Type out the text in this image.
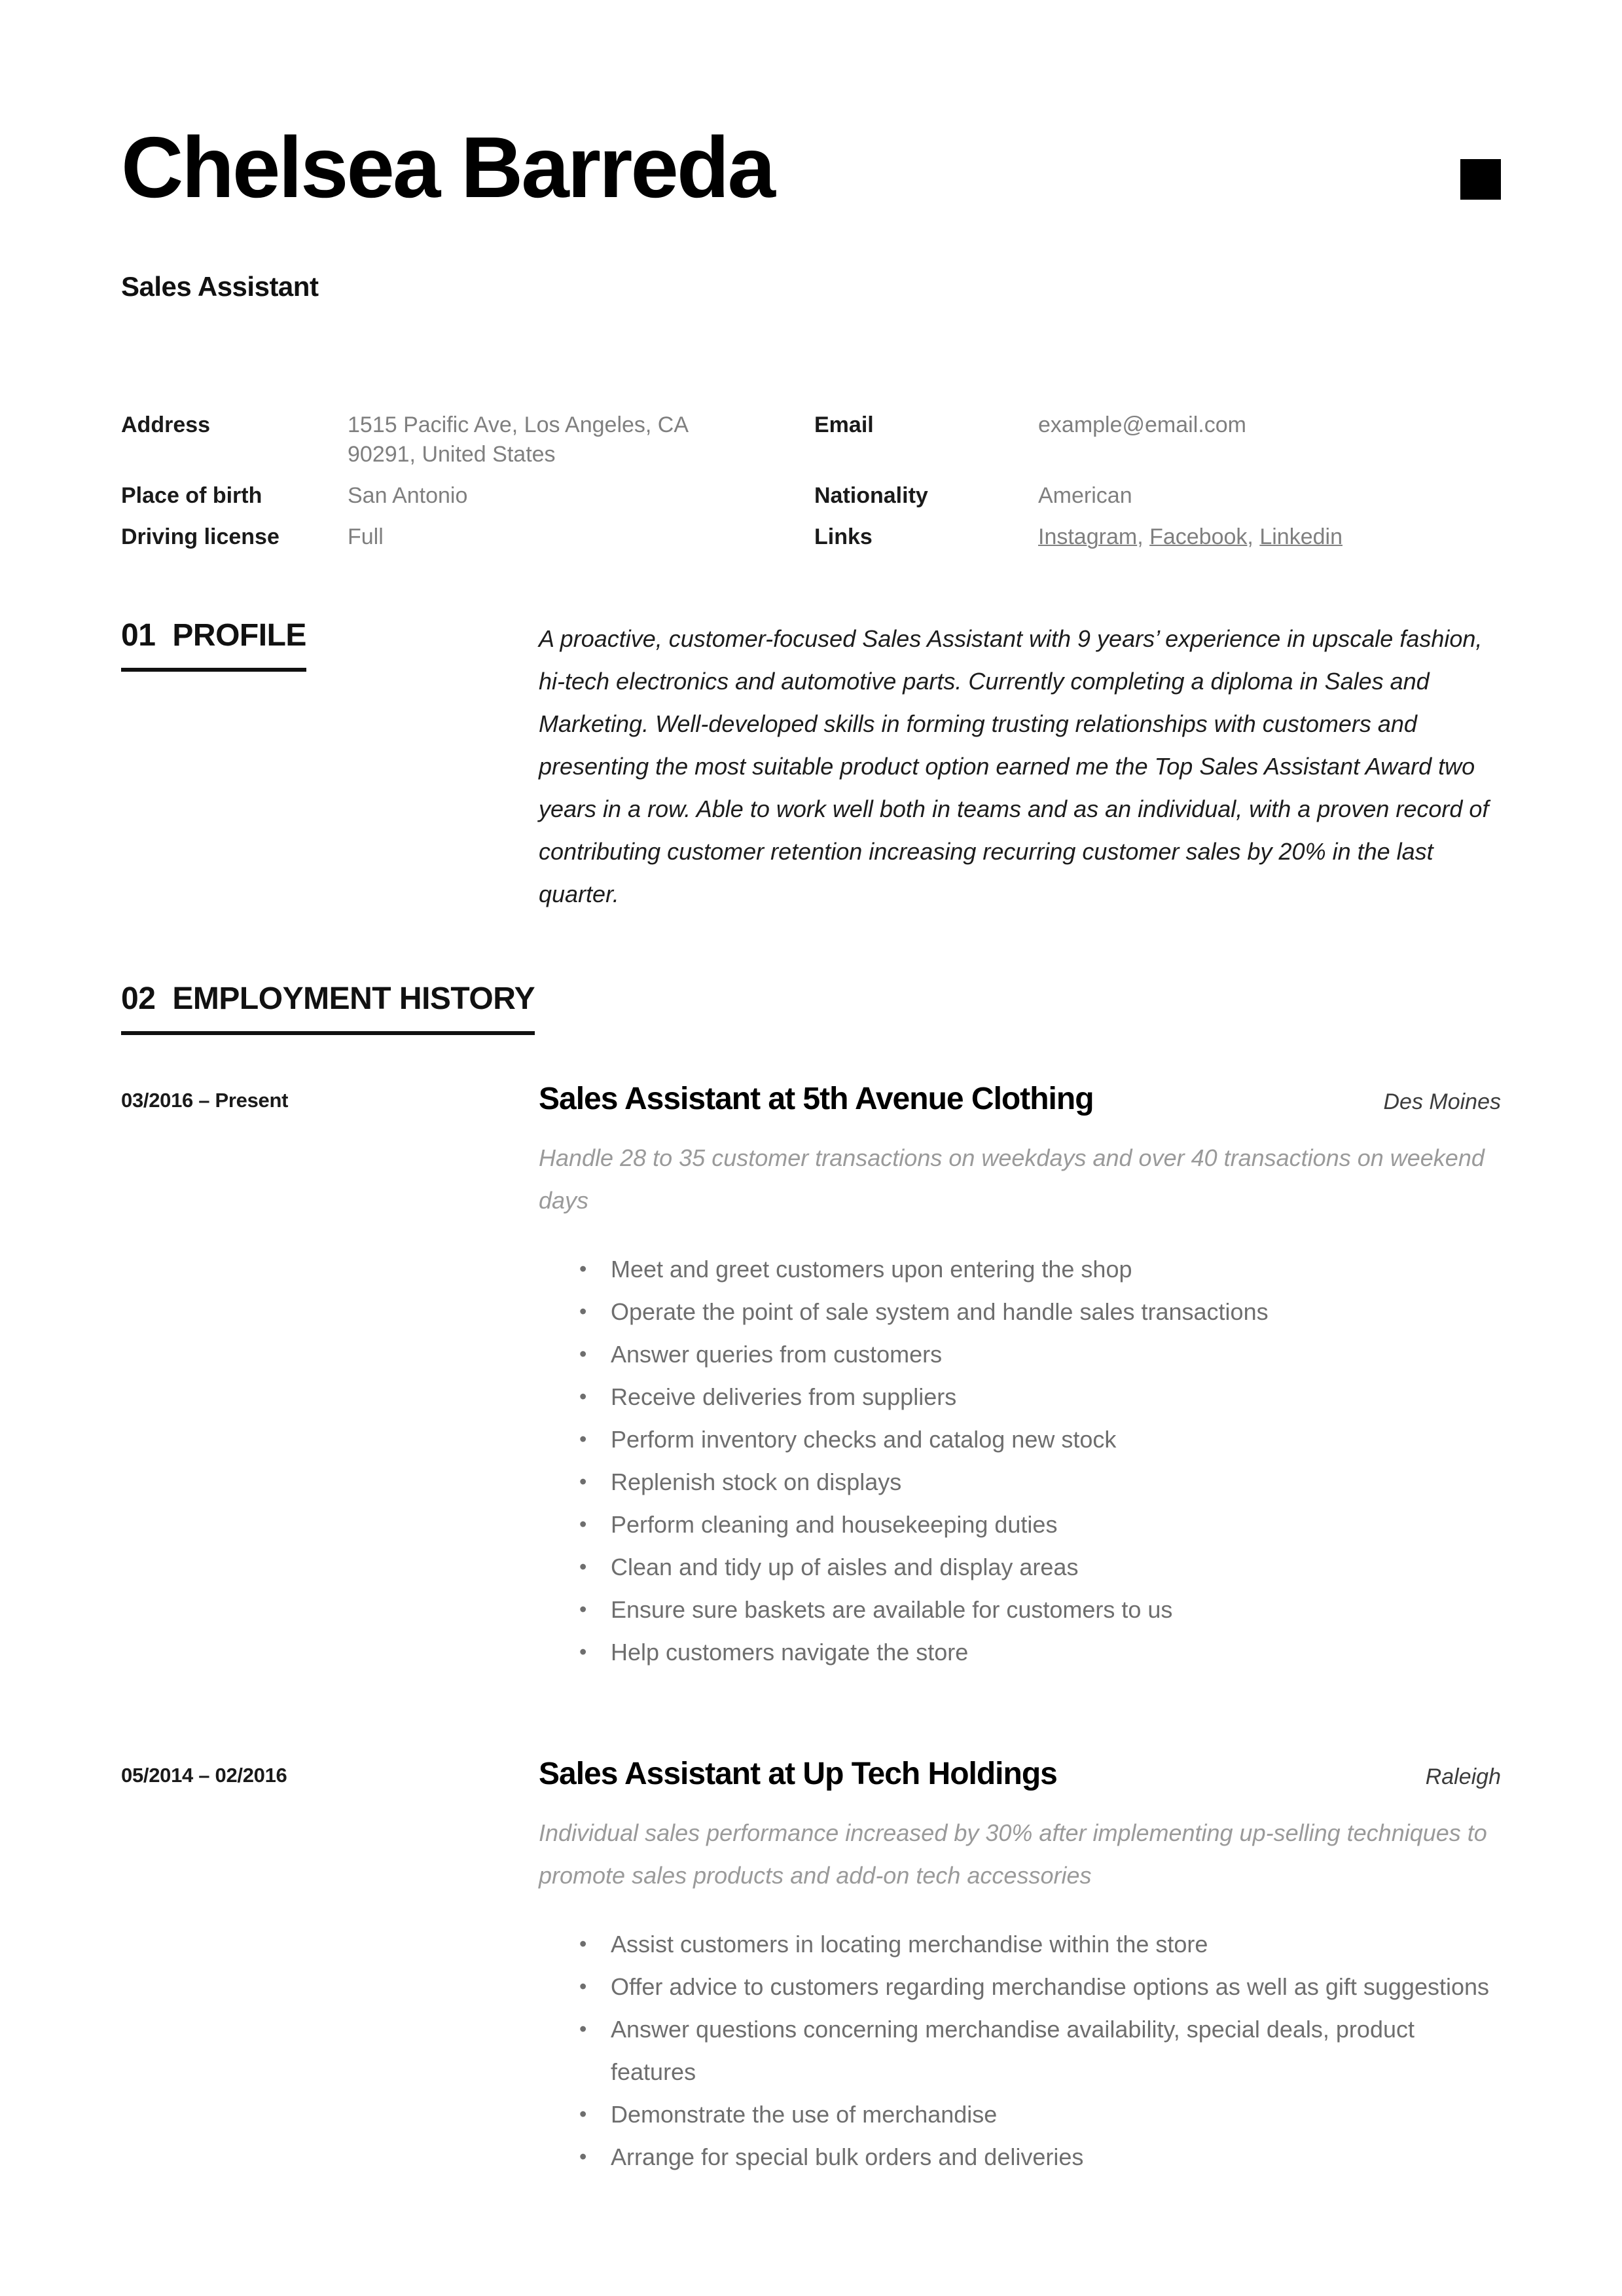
Chelsea Barreda
Sales Assistant
Address	1515 Pacific Ave, Los Angeles, CA 90291, United States
Email	example@email.com
Place of birth	San Antonio	Nationality	American
Driving license	Full	Links	Instagram, Facebook, Linkedin
01 PROFILE	A proactive, customer-focused Sales Assistant with 9 years’ experience in upscale fashion, hi-tech electronics and automotive parts. Currently completing a diploma in Sales and Marketing. Well-developed skills in forming trusting relationships with customers and presenting the most suitable product option earned me the Top Sales Assistant Award two years in a row. Able to work well both in teams and as an individual, with a proven record of contributing customer retention increasing recurring customer sales by 20% in the last quarter.

02 EMPLOYMENT HISTORY
03/2016 – Present	Sales Assistant at 5th Avenue Clothing	Des Moines

Handle 28 to 35 customer transactions on weekdays and over 40 transactions on weekend days

• Meet and greet customers upon entering the shop
• Operate the point of sale system and handle sales transactions
• Answer queries from customers
• Receive deliveries from suppliers
• Perform inventory checks and catalog new stock
• Replenish stock on displays
• Perform cleaning and housekeeping duties
• Clean and tidy up of aisles and display areas
• Ensure sure baskets are available for customers to us
• Help customers navigate the store
05/2014 – 02/2016	Sales Assistant at Up Tech Holdings	Raleigh

Individual sales performance increased by 30% after implementing up-selling techniques to promote sales products and add-on tech accessories

• Assist customers in locating merchandise within the store
• Offer advice to customers regarding merchandise options as well as gift suggestions
• Answer questions concerning merchandise availability, special deals, product features
• Demonstrate the use of merchandise
• Arrange for special bulk orders and deliveries
